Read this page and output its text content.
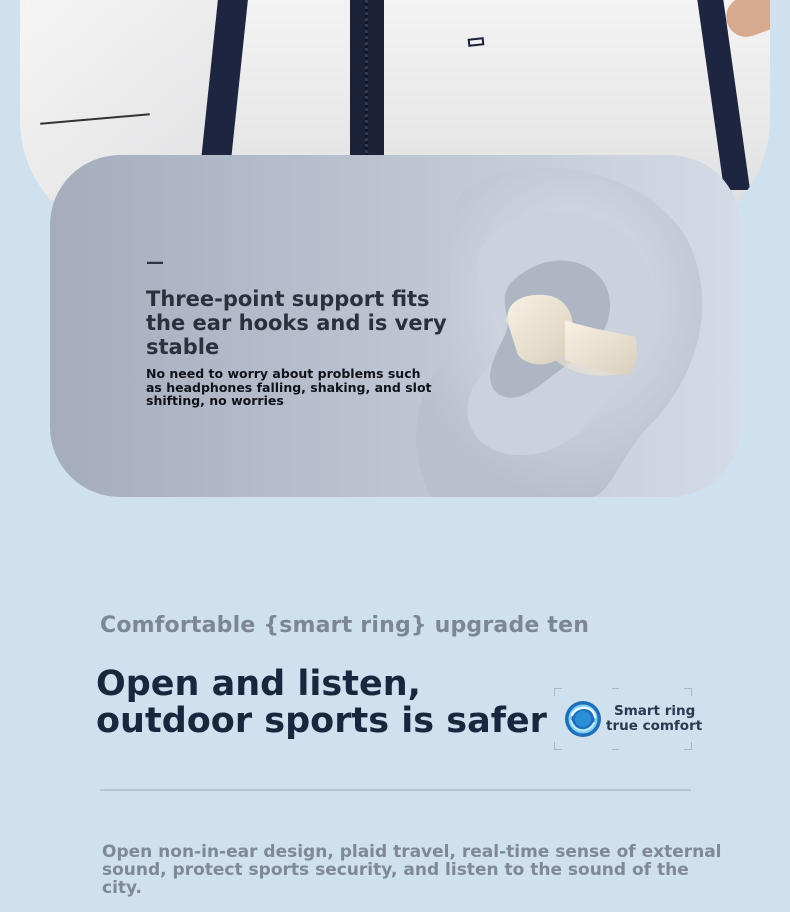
—
Three-point support fits the ear hooks and is very stable

No need to worry about problems such as headphones falling, shaking, and slot shifting, no worries

Comfortable {smart ring} upgrade ten

Open and listen,
outdoor sports is safer	Smart ring
true comfort

Open non-in-ear design, plaid travel, real-time sense of external sound, protect sports security, and listen to the sound of the city.
